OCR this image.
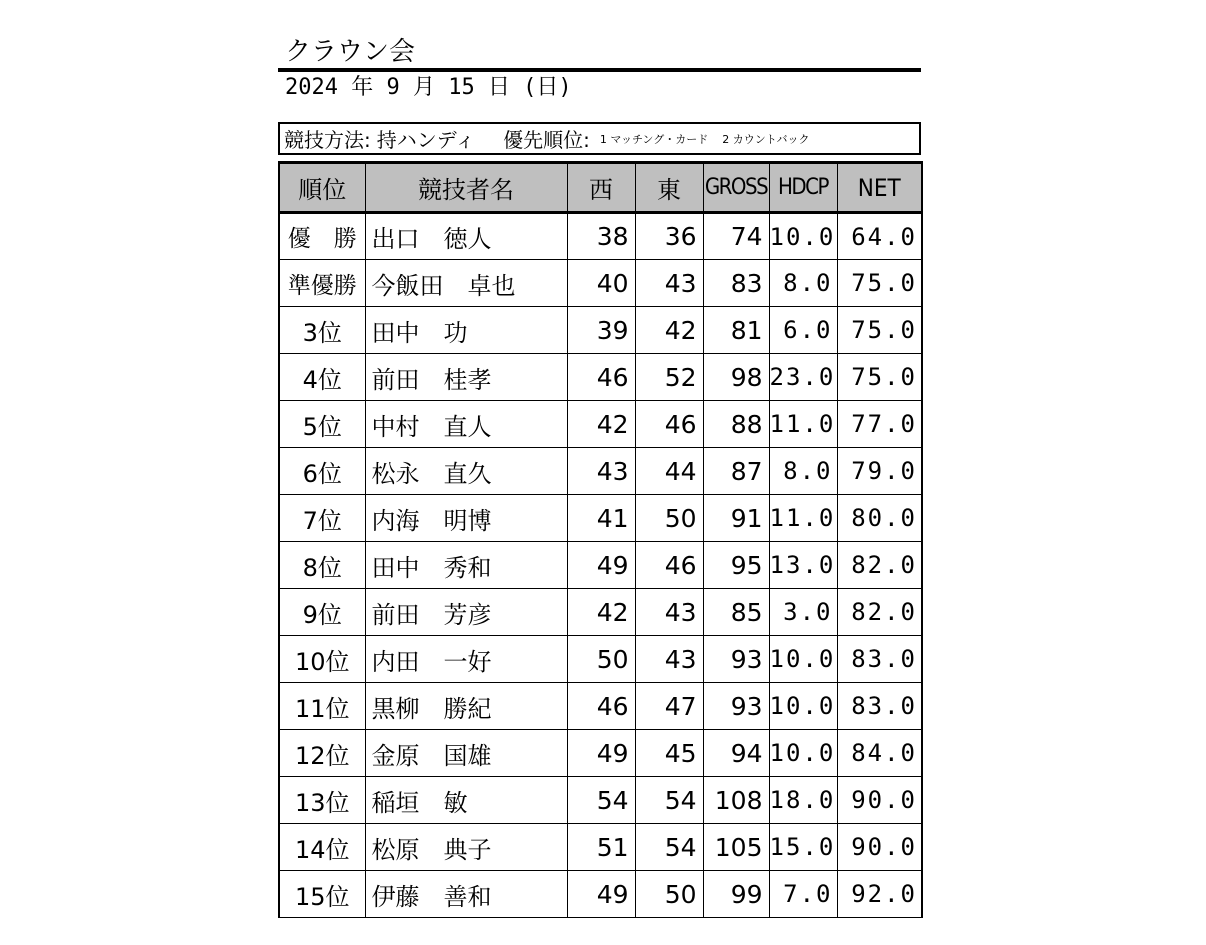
クラウン会
2024 年 9 月 15 日 (日)
競技方法: 持ハンディ 優先順位: 1 マッチング・カード 2 カウントバック
順位	競技者名	西	東	GROSS	HDCP	NET
優　勝	出口　徳人	38	36	74	10.0	64.0
準優勝	今飯田　卓也	40	43	83	8.0	75.0
3位	田中　功	39	42	81	6.0	75.0
4位	前田　桂孝	46	52	98	23.0	75.0
5位	中村　直人	42	46	88	11.0	77.0
6位	松永　直久	43	44	87	8.0	79.0
7位	内海　明博	41	50	91	11.0	80.0
8位	田中　秀和	49	46	95	13.0	82.0
9位	前田　芳彦	42	43	85	3.0	82.0
10位	内田　一好	50	43	93	10.0	83.0
11位	黒柳　勝紀	46	47	93	10.0	83.0
12位	金原　国雄	49	45	94	10.0	84.0
13位	稲垣　敏	54	54	108	18.0	90.0
14位	松原　典子	51	54	105	15.0	90.0
15位	伊藤　善和	49	50	99	7.0	92.0
